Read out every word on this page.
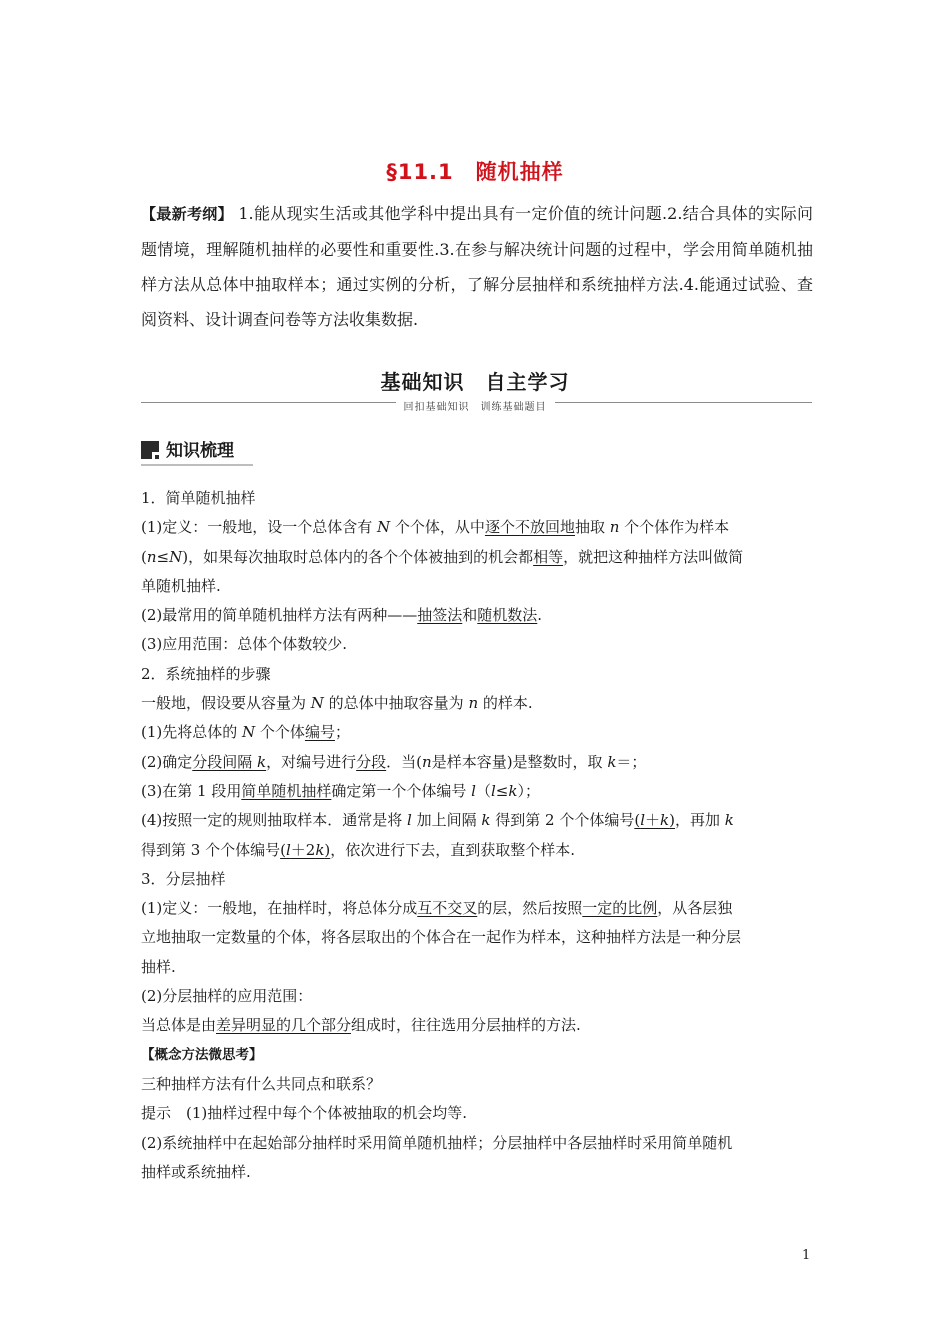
§11.1　随机抽样
【最新考纲】 1.能从现实生活或其他学科中提出具有一定价值的统计问题.2.结合具体的实际问题情境，理解随机抽样的必要性和重要性.3.在参与解决统计问题的过程中，学会用简单随机抽样方法从总体中抽取样本；通过实例的分析，了解分层抽样和系统抽样方法.4.能通过试验、查阅资料、设计调查问卷等方法收集数据.
基础知识　自主学习
回扣基础知识　训练基础题目
知识梳理
1．简单随机抽样
(1)定义：一般地，设一个总体含有 N 个个体，从中逐个不放回地抽取 n 个个体作为样本
(n≤N)，如果每次抽取时总体内的各个个体被抽到的机会都相等，就把这种抽样方法叫做简
单随机抽样.
(2)最常用的简单随机抽样方法有两种——抽签法和随机数法.
(3)应用范围：总体个体数较少.
2．系统抽样的步骤
一般地，假设要从容量为 N 的总体中抽取容量为 n 的样本.
(1)先将总体的 N 个个体编号；
(2)确定分段间隔 k，对编号进行分段．当(n是样本容量)是整数时，取 k＝；
(3)在第 1 段用简单随机抽样确定第一个个体编号 l（l≤k）；
(4)按照一定的规则抽取样本．通常是将 l 加上间隔 k 得到第 2 个个体编号(l＋k)，再加 k
得到第 3 个个体编号(l＋2k)，依次进行下去，直到获取整个样本.
3．分层抽样
(1)定义：一般地，在抽样时，将总体分成互不交叉的层，然后按照一定的比例，从各层独
立地抽取一定数量的个体，将各层取出的个体合在一起作为样本，这种抽样方法是一种分层
抽样.
(2)分层抽样的应用范围：
当总体是由差异明显的几个部分组成时，往往选用分层抽样的方法.
【概念方法微思考】
三种抽样方法有什么共同点和联系？
提示　(1)抽样过程中每个个体被抽取的机会均等.
(2)系统抽样中在起始部分抽样时采用简单随机抽样；分层抽样中各层抽样时采用简单随机
抽样或系统抽样.
1
